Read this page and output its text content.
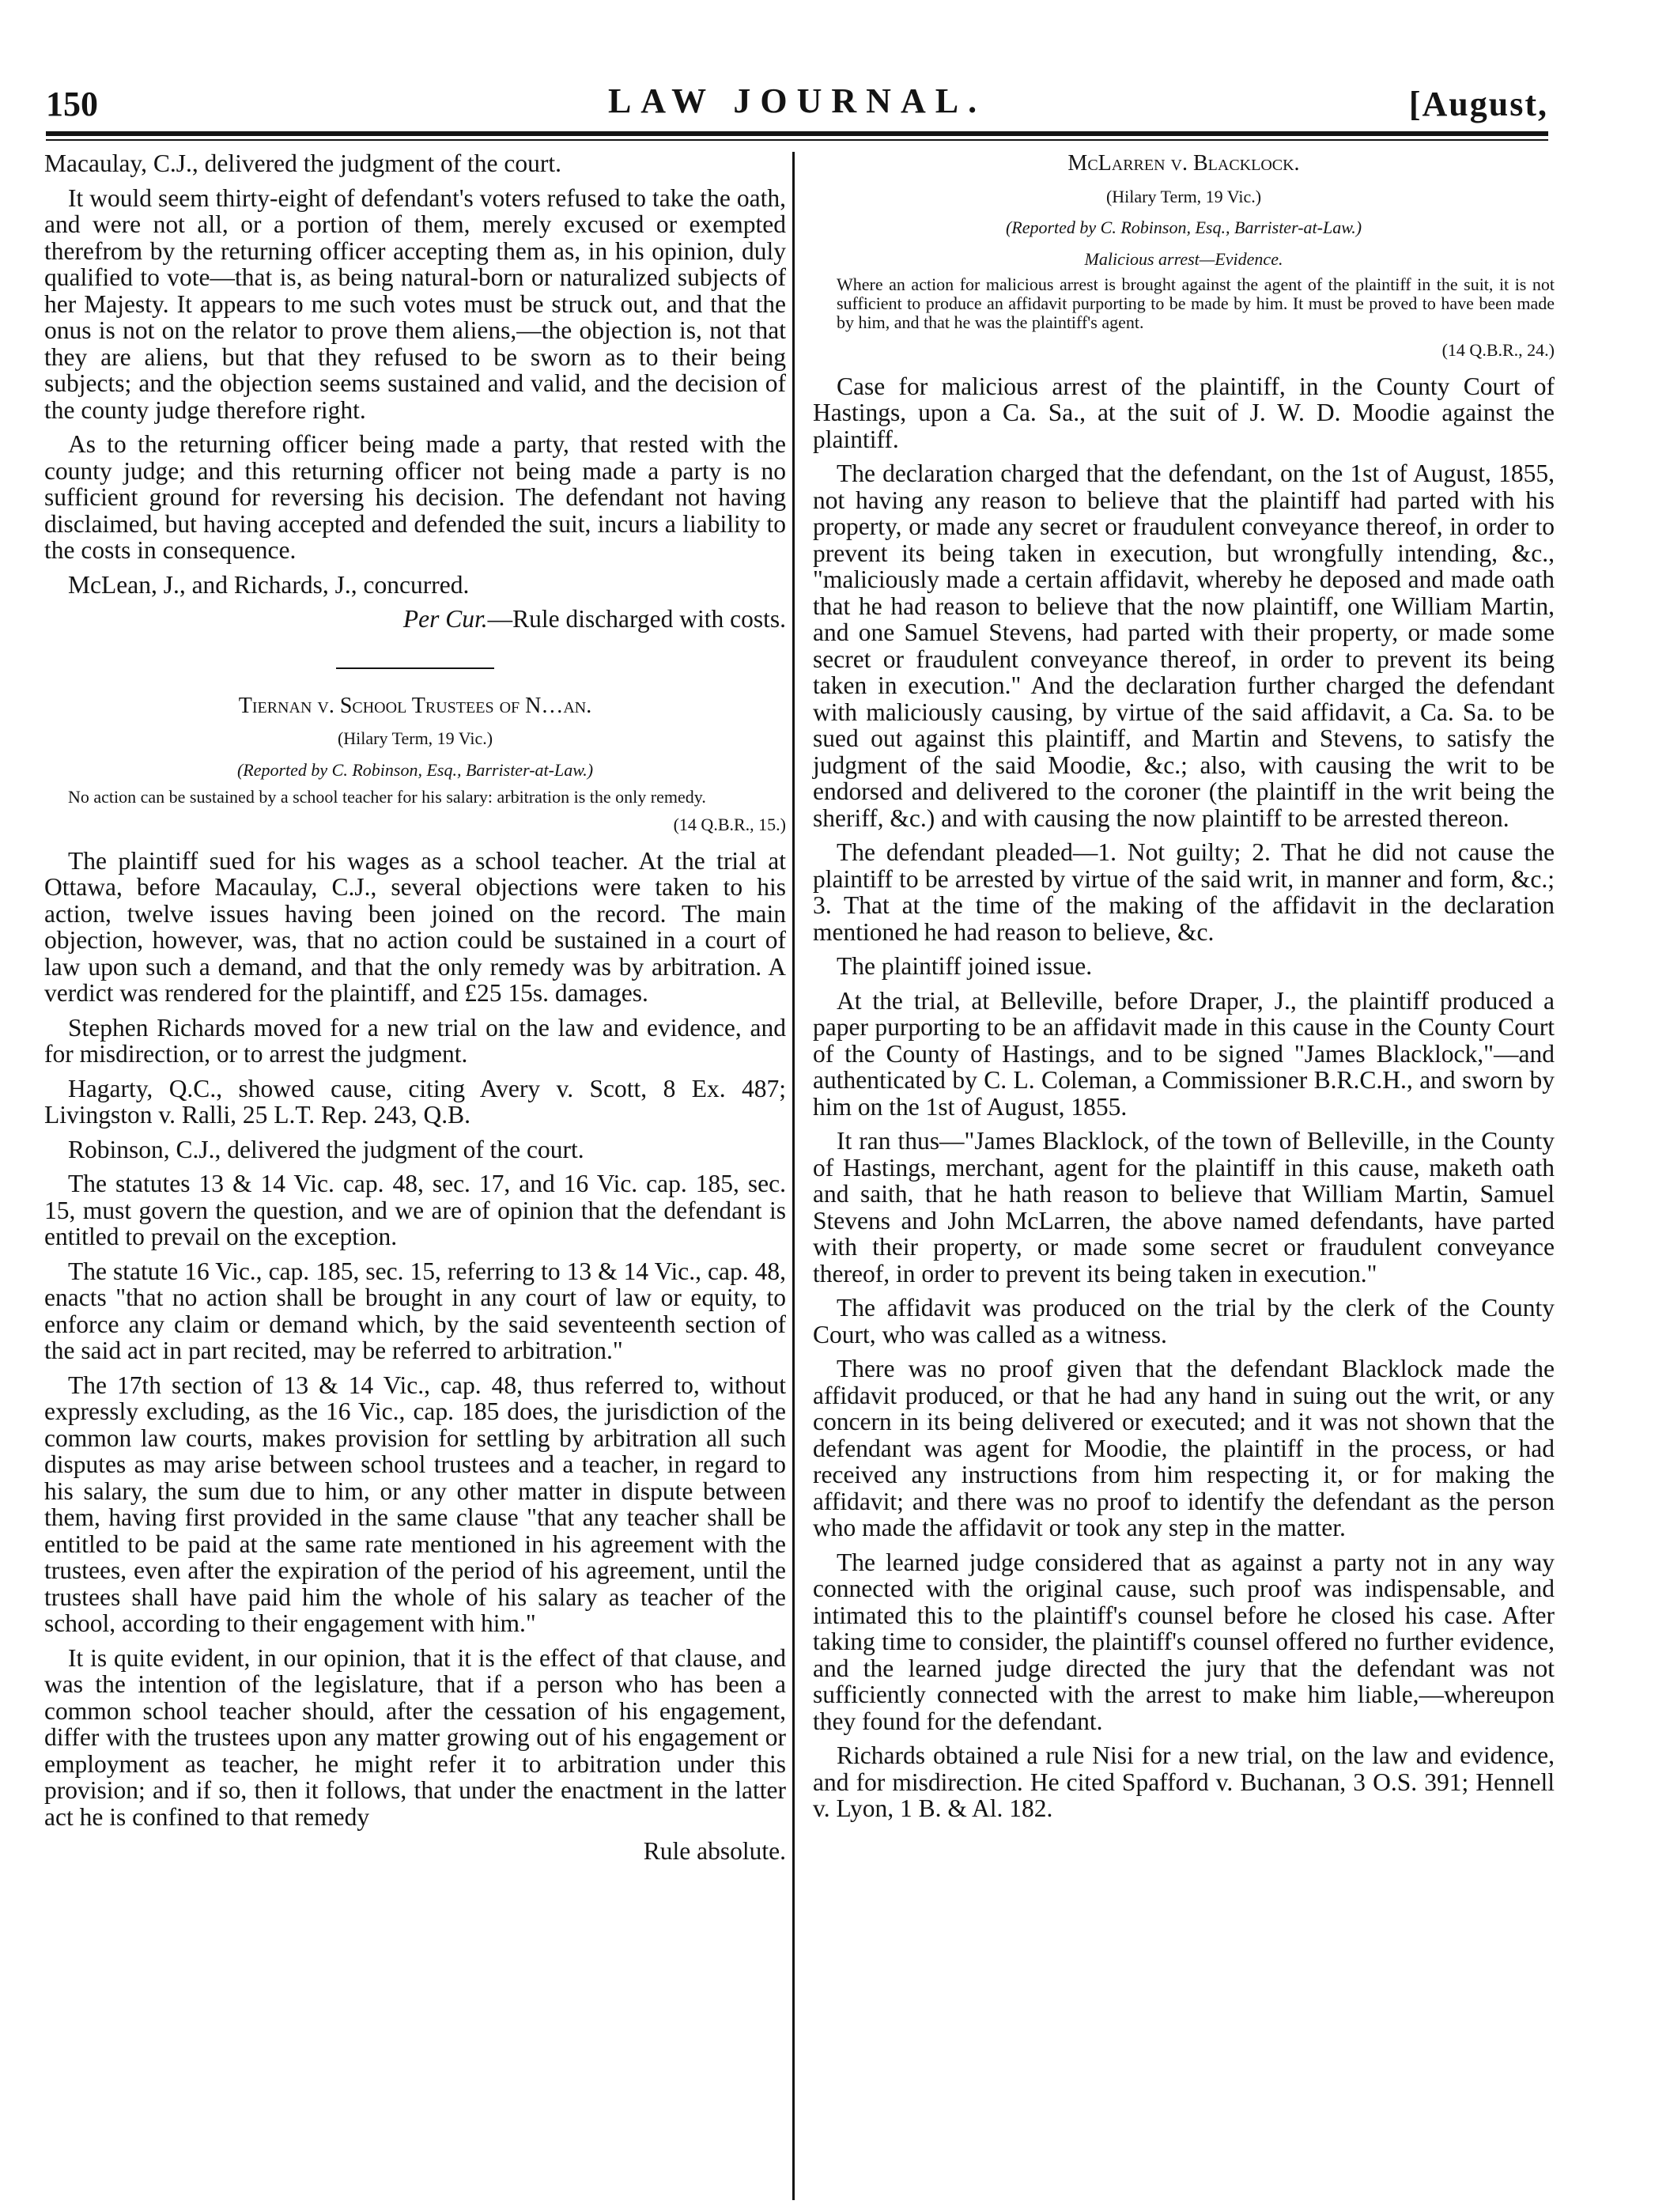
150	LAW JOURNAL.	[August,

Macaulay, C.J., delivered the judgment of the court.

It would seem thirty-eight of defendant's voters refused to take the oath, and were not all, or a portion of them, merely excused or exempted therefrom by the returning officer accepting them as, in his opinion, duly qualified to vote—that is, as being natural-born or naturalized subjects of her Majesty. It appears to me such votes must be struck out, and that the onus is not on the relator to prove them aliens,—the objection is, not that they are aliens, but that they refused to be sworn as to their being subjects; and the objection seems sustained and valid, and the decision of the county judge therefore right.

As to the returning officer being made a party, that rested with the county judge; and this returning officer not being made a party is no sufficient ground for reversing his decision. The defendant not having disclaimed, but having accepted and defended the suit, incurs a liability to the costs in consequence.

McLean, J., and Richards, J., concurred.

Per Cur.—Rule discharged with costs.

Tiernan v. School Trustees of N…an.

(Hilary Term, 19 Vic.)

(Reported by C. Robinson, Esq., Barrister-at-Law.)

No action can be sustained by a school teacher for his salary: arbitration is the only remedy.

(14 Q.B.R., 15.)

The plaintiff sued for his wages as a school teacher. At the trial at Ottawa, before Macaulay, C.J., several objections were taken to his action, twelve issues having been joined on the record. The main objection, however, was, that no action could be sustained in a court of law upon such a demand, and that the only remedy was by arbitration. A verdict was rendered for the plaintiff, and £25 15s. damages.

Stephen Richards moved for a new trial on the law and evidence, and for misdirection, or to arrest the judgment.

Hagarty, Q.C., showed cause, citing Avery v. Scott, 8 Ex. 487; Livingston v. Ralli, 25 L.T. Rep. 243, Q.B.

Robinson, C.J., delivered the judgment of the court.

The statutes 13 & 14 Vic. cap. 48, sec. 17, and 16 Vic. cap. 185, sec. 15, must govern the question, and we are of opinion that the defendant is entitled to prevail on the exception.

The statute 16 Vic., cap. 185, sec. 15, referring to 13 & 14 Vic., cap. 48, enacts "that no action shall be brought in any court of law or equity, to enforce any claim or demand which, by the said seventeenth section of the said act in part recited, may be referred to arbitration."

The 17th section of 13 & 14 Vic., cap. 48, thus referred to, without expressly excluding, as the 16 Vic., cap. 185 does, the jurisdiction of the common law courts, makes provision for settling by arbitration all such disputes as may arise between school trustees and a teacher, in regard to his salary, the sum due to him, or any other matter in dispute between them, having first provided in the same clause "that any teacher shall be entitled to be paid at the same rate mentioned in his agreement with the trustees, even after the expiration of the period of his agreement, until the trustees shall have paid him the whole of his salary as teacher of the school, according to their engagement with him."

It is quite evident, in our opinion, that it is the effect of that clause, and was the intention of the legislature, that if a person who has been a common school teacher should, after the cessation of his engagement, differ with the trustees upon any matter growing out of his engagement or employment as teacher, he might refer it to arbitration under this provision; and if so, then it follows, that under the enactment in the latter act he is confined to that remedy

Rule absolute.

McLarren v. Blacklock.

(Hilary Term, 19 Vic.)

(Reported by C. Robinson, Esq., Barrister-at-Law.)

Malicious arrest—Evidence.

Where an action for malicious arrest is brought against the agent of the plaintiff in the suit, it is not sufficient to produce an affidavit purporting to be made by him. It must be proved to have been made by him, and that he was the plaintiff's agent.

(14 Q.B.R., 24.)

Case for malicious arrest of the plaintiff, in the County Court of Hastings, upon a Ca. Sa., at the suit of J. W. D. Moodie against the plaintiff.

The declaration charged that the defendant, on the 1st of August, 1855, not having any reason to believe that the plaintiff had parted with his property, or made any secret or fraudulent conveyance thereof, in order to prevent its being taken in execution, but wrongfully intending, &c., "maliciously made a certain affidavit, whereby he deposed and made oath that he had reason to believe that the now plaintiff, one William Martin, and one Samuel Stevens, had parted with their property, or made some secret or fraudulent conveyance thereof, in order to prevent its being taken in execution." And the declaration further charged the defendant with maliciously causing, by virtue of the said affidavit, a Ca. Sa. to be sued out against this plaintiff, and Martin and Stevens, to satisfy the judgment of the said Moodie, &c.; also, with causing the writ to be endorsed and delivered to the coroner (the plaintiff in the writ being the sheriff, &c.) and with causing the now plaintiff to be arrested thereon.

The defendant pleaded—1. Not guilty; 2. That he did not cause the plaintiff to be arrested by virtue of the said writ, in manner and form, &c.; 3. That at the time of the making of the affidavit in the declaration mentioned he had reason to believe, &c.

The plaintiff joined issue.

At the trial, at Belleville, before Draper, J., the plaintiff produced a paper purporting to be an affidavit made in this cause in the County Court of the County of Hastings, and to be signed "James Blacklock,"—and authenticated by C. L. Coleman, a Commissioner B.R.C.H., and sworn by him on the 1st of August, 1855.

It ran thus—"James Blacklock, of the town of Belleville, in the County of Hastings, merchant, agent for the plaintiff in this cause, maketh oath and saith, that he hath reason to believe that William Martin, Samuel Stevens and John McLarren, the above named defendants, have parted with their property, or made some secret or fraudulent conveyance thereof, in order to prevent its being taken in execution."

The affidavit was produced on the trial by the clerk of the County Court, who was called as a witness.

There was no proof given that the defendant Blacklock made the affidavit produced, or that he had any hand in suing out the writ, or any concern in its being delivered or executed; and it was not shown that the defendant was agent for Moodie, the plaintiff in the process, or had received any instructions from him respecting it, or for making the affidavit; and there was no proof to identify the defendant as the person who made the affidavit or took any step in the matter.

The learned judge considered that as against a party not in any way connected with the original cause, such proof was indispensable, and intimated this to the plaintiff's counsel before he closed his case. After taking time to consider, the plaintiff's counsel offered no further evidence, and the learned judge directed the jury that the defendant was not sufficiently connected with the arrest to make him liable,—whereupon they found for the defendant.

Richards obtained a rule Nisi for a new trial, on the law and evidence, and for misdirection. He cited Spafford v. Buchanan, 3 O.S. 391; Hennell v. Lyon, 1 B. & Al. 182.
